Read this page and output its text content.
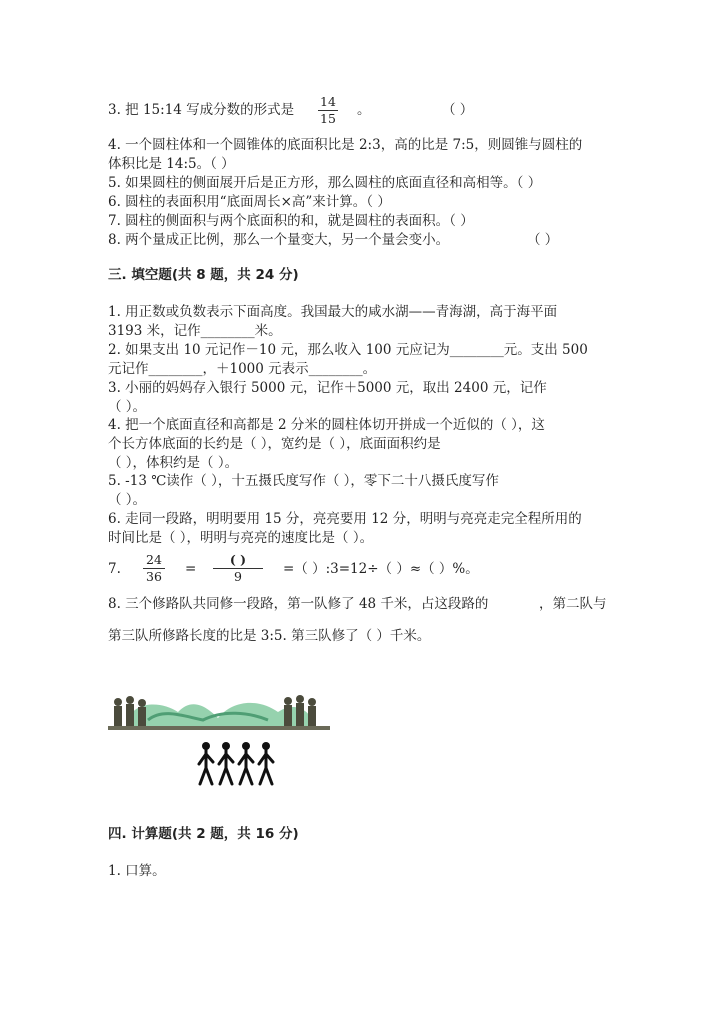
3. 把 15:14 写成分数的形式是
14
15
。	（ ）
4. 一个圆柱体和一个圆锥体的底面积比是 2:3，高的比是 7:5，则圆锥与圆柱的
体积比是 14:5。（ ）
5. 如果圆柱的侧面展开后是正方形，那么圆柱的底面直径和高相等。（ ）
6. 圆柱的表面积用“底面周长×高”来计算。（ ）
7. 圆柱的侧面积与两个底面积的和，就是圆柱的表面积。（ ）
8. 两个量成正比例，那么一个量变大，另一个量会变小。	（ ）
三. 填空题(共 8 题，共 24 分)
1. 用正数或负数表示下面高度。我国最大的咸水湖——青海湖，高于海平面
3193 米，记作________米。
2. 如果支出 10 元记作－10 元，那么收入 100 元应记为________元。支出 500
元记作________，＋1000 元表示________。
3. 小丽的妈妈存入银行 5000 元，记作＋5000 元，取出 2400 元，记作
（ ）。
4. 把一个底面直径和高都是 2 分米的圆柱体切开拼成一个近似的（ ），这
个长方体底面的长约是（ ），宽约是（ ），底面面积约是
（ ），体积约是（ ）。
5. -13 ℃读作（ ），十五摄氏度写作（ ），零下二十八摄氏度写作
（ ）。
6. 走同一段路，明明要用 15 分，亮亮要用 12 分，明明与亮亮走完全程所用的
时间比是（ ），明明与亮亮的速度比是（ ）。
7.
24
36 =
( )
9	=（ ）:3=12÷（ ）≈（ ）%。
8. 三个修路队共同修一段路，第一队修了 48 千米，占这段路的	，第二队与
第三队所修路长度的比是 3:5. 第三队修了（ ）千米。
四. 计算题(共 2 题，共 16 分)
1. 口算。
